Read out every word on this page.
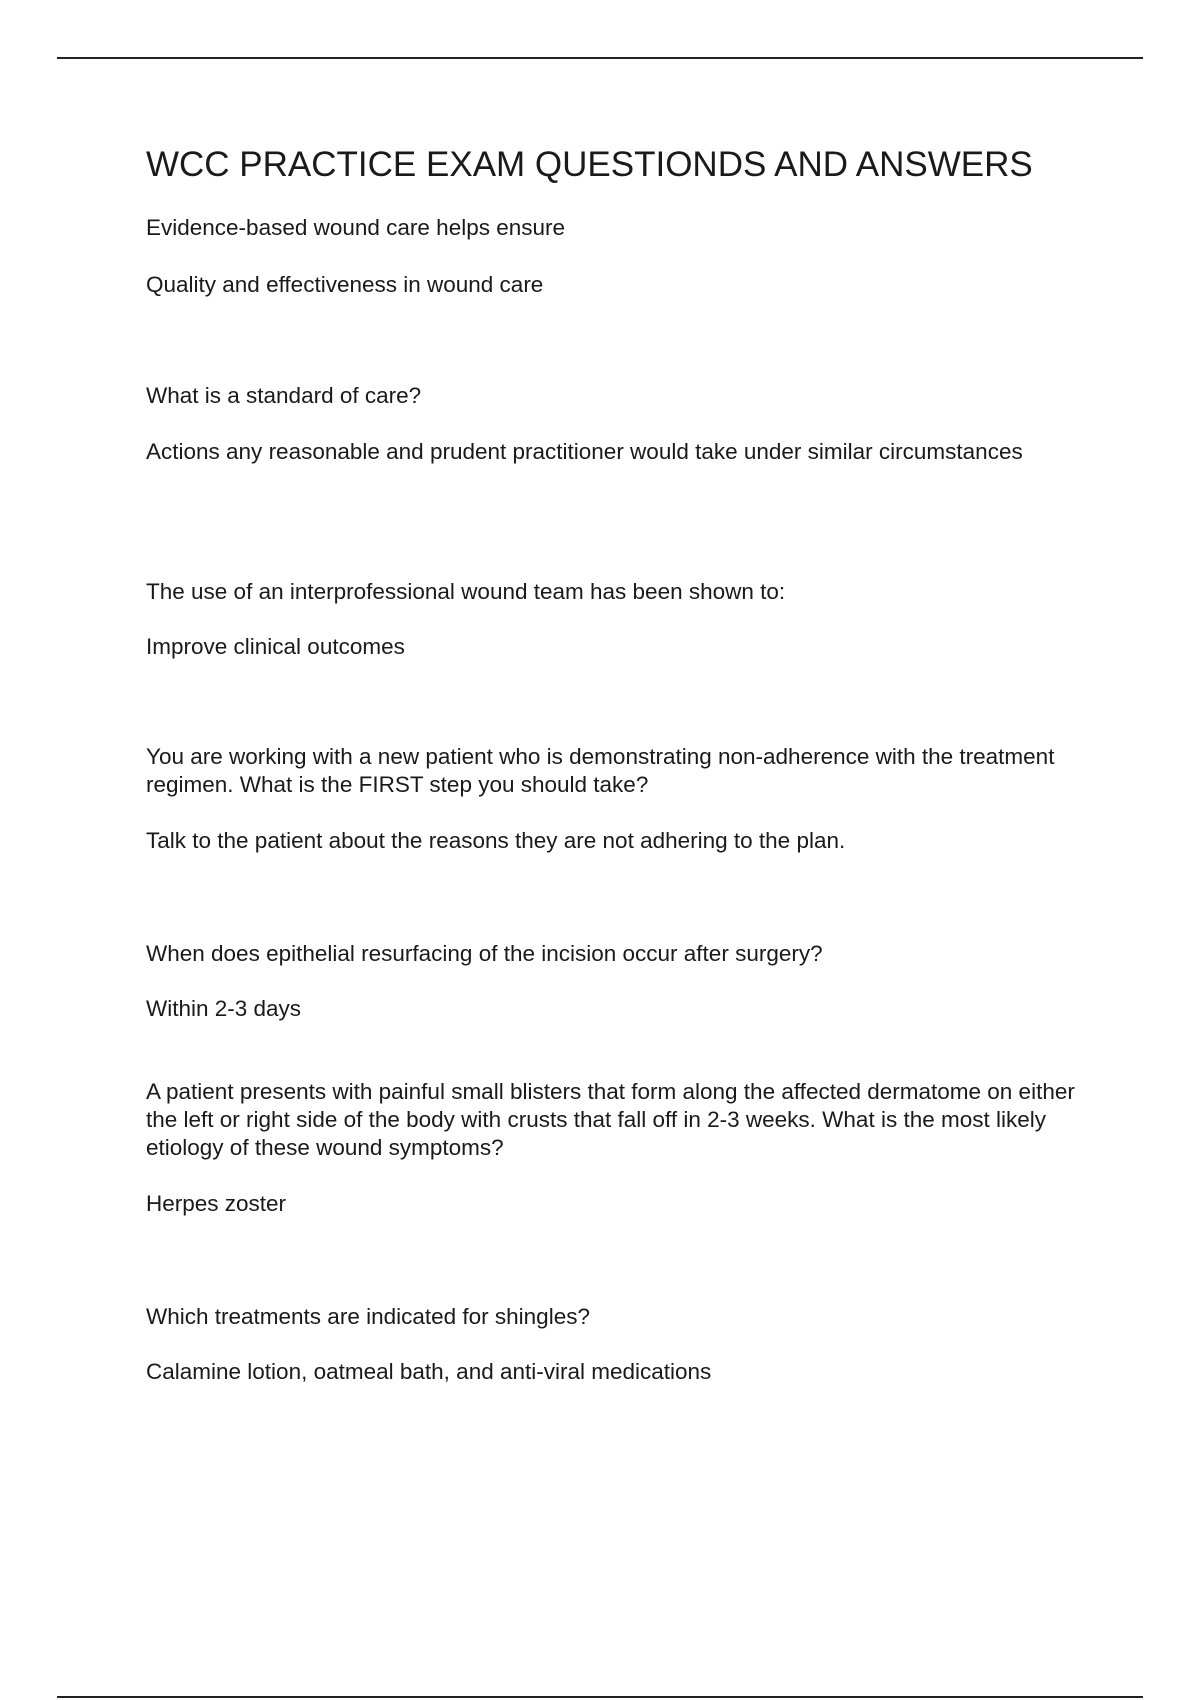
WCC PRACTICE EXAM QUESTIONDS AND ANSWERS

Evidence-based wound care helps ensure

Quality and effectiveness in wound care

What is a standard of care?

Actions any reasonable and prudent practitioner would take under similar circumstances

The use of an interprofessional wound team has been shown to:

Improve clinical outcomes

You are working with a new patient who is demonstrating non-adherence with the treatment regimen. What is the FIRST step you should take?

Talk to the patient about the reasons they are not adhering to the plan.

When does epithelial resurfacing of the incision occur after surgery?

Within 2-3 days

A patient presents with painful small blisters that form along the affected dermatome on either the left or right side of the body with crusts that fall off in 2-3 weeks. What is the most likely etiology of these wound symptoms?

Herpes zoster

Which treatments are indicated for shingles?

Calamine lotion, oatmeal bath, and anti-viral medications
